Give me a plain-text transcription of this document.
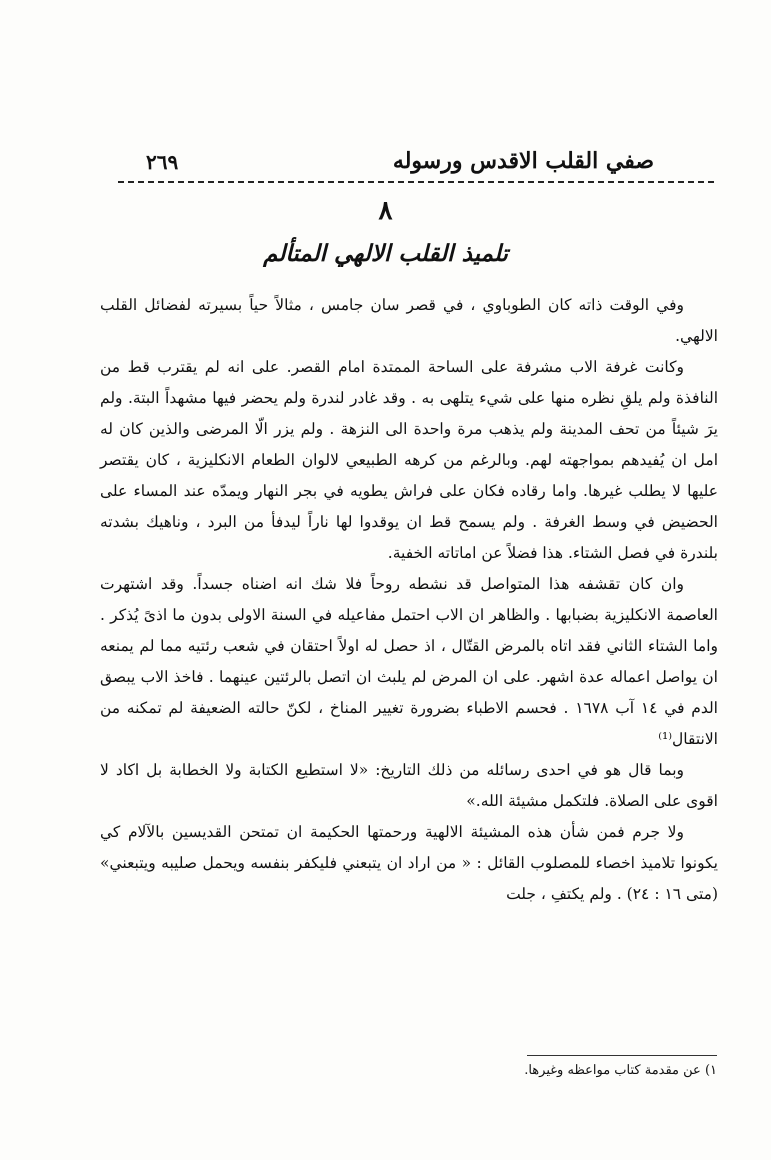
صفي القلب الاقدس ورسوله
٢٦٩
٨
تلميذ القلب الالهي المتألم

وفي الوقت ذاته كان الطوباوي ، في قصر سان جامس ، مثالاً حياً بسيرته لفضائل القلب الالهي.

وكانت غرفة الاب مشرفة على الساحة الممتدة امام القصر. على انه لم يقترب قط من النافذة ولم يلقِ نظره منها على شيء يتلهى به . وقد غادر لندرة ولم يحضر فيها مشهداً البتة. ولم يرَ شيئاً من تحف المدينة ولم يذهب مرة واحدة الى النزهة . ولم يزر الّا المرضى والذين كان له امل ان يُفيدهم بمواجهته لهم. وبالرغم من كرهه الطبيعي لالوان الطعام الانكليزية ، كان يقتصر عليها لا يطلب غيرها. واما رقاده فكان على فراش يطويه في بجر النهار ويمدّه عند المساء على الحضيض في وسط الغرفة . ولم يسمح قط ان يوقدوا لها ناراً ليدفأ من البرد ، وناهيك بشدته بلندرة في فصل الشتاء. هذا فضلاً عن اماتاته الخفية.

وان كان تقشفه هذا المتواصل قد نشطه روحاً فلا شك انه اضناه جسداً. وقد اشتهرت العاصمة الانكليزية بضبابها . والظاهر ان الاب احتمل مفاعيله في السنة الاولى بدون ما اذىً يُذكر . واما الشتاء الثاني فقد اتاه بالمرض القتّال ، اذ حصل له اولاً احتقان في شعب رئتيه مما لم يمنعه ان يواصل اعماله عدة اشهر. على ان المرض لم يلبث ان اتصل بالرئتين عينهما . فاخذ الاب يبصق الدم في ١٤ آب ١٦٧٨ . فحسم الاطباء بضرورة تغيير المناخ ، لكنّ حالته الضعيفة لم تمكنه من الانتقال⁽¹⁾

وبما قال هو في احدى رسائله من ذلك التاريخ: «لا استطيع الكتابة ولا الخطابة بل اكاد لا اقوى على الصلاة. فلتكمل مشيئة الله.»

ولا جرم فمن شأن هذه المشيئة الالهية ورحمتها الحكيمة ان تمتحن القديسين بالآلام كي يكونوا تلاميذ اخصاء للمصلوب القائل : « من اراد ان يتبعني فليكفر بنفسه ويحمل صليبه ويتبعني» (متى ١٦ : ٢٤) . ولم يكتفِ ، جلت

١) عن مقدمة كتاب مواعظه وغيرها.
